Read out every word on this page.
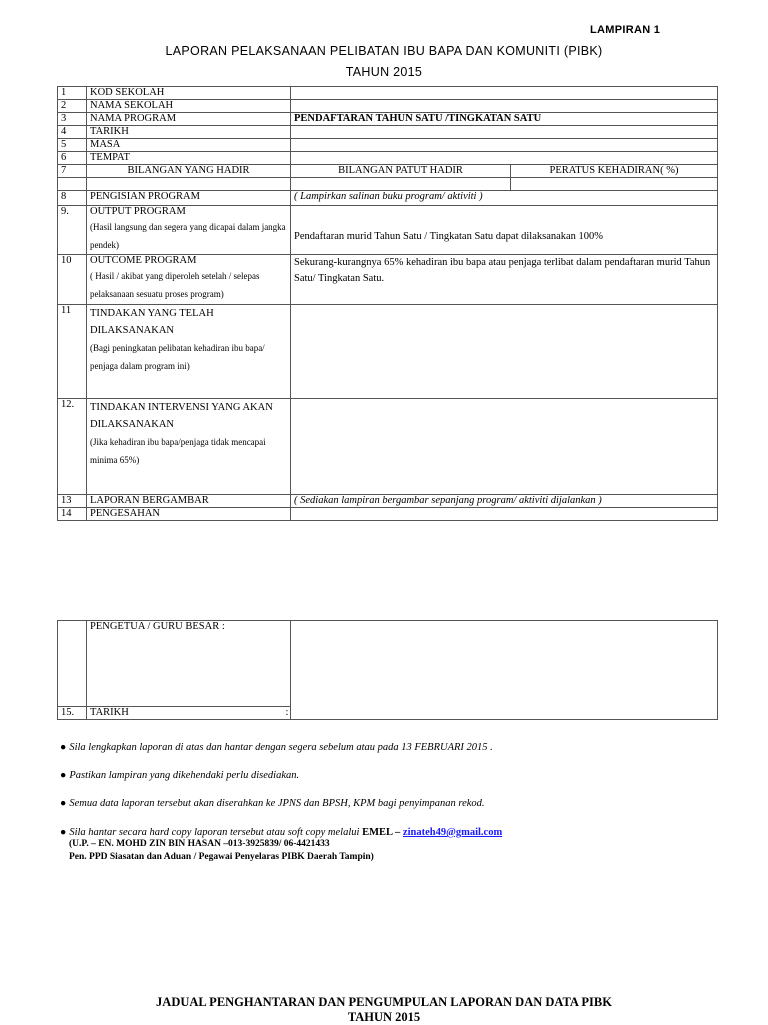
LAMPIRAN 1
LAPORAN PELAKSANAAN PELIBATAN IBU BAPA DAN KOMUNITI (PIBK)
TAHUN 2015
1	KOD SEKOLAH		
2	NAMA SEKOLAH		
3	NAMA PROGRAM	PENDAFTARAN TAHUN SATU /TINGKATAN SATU	
4	TARIKH		
5	MASA		
6	TEMPAT		
7	BILANGAN YANG HADIR	BILANGAN PATUT HADIR	PERATUS KEHADIRAN( %)

8	PENGISIAN PROGRAM	( Lampirkan salinan buku program/ aktiviti )	
9.	OUTPUT PROGRAM
(Hasil langsung dan segera yang dicapai dalam jangka pendek)	Pendaftaran murid Tahun Satu / Tingkatan Satu dapat dilaksanakan 100%	
10	OUTCOME PROGRAM
( Hasil / akibat yang diperoleh setelah / selepas pelaksanaan sesuatu proses program)	Sekurang-kurangnya 65% kehadiran ibu bapa atau penjaga terlibat dalam pendaftaran murid Tahun Satu/ Tingkatan Satu.	
11	TINDAKAN YANG TELAH DILAKSANAKAN
(Bagi peningkatan pelibatan kehadiran ibu bapa/ penjaga dalam program ini)		

12.	TINDAKAN INTERVENSI YANG AKAN DILAKSANAKAN
(Jika kehadiran ibu bapa/penjaga tidak mencapai minima 65%)		

13	LAPORAN BERGAMBAR	( Sediakan lampiran bergambar sepanjang program/ aktiviti dijalankan )	
14	PENGESAHAN		
	PENGETUA / GURU BESAR :	
15.	TARIKH :	
● Sila lengkapkan laporan di atas dan hantar dengan segera sebelum atau pada 13 FEBRUARI 2015 .
● Pastikan lampiran yang dikehendaki perlu disediakan.
● Semua data laporan tersebut akan diserahkan ke JPNS dan BPSH, KPM bagi penyimpanan rekod.
● Sila hantar secara hard copy laporan tersebut atau soft copy melalui EMEL – zinateh49@gmail.com
(U.P. – EN. MOHD ZIN BIN HASAN –013-3925839/ 06-4421433
Pen. PPD Siasatan dan Aduan / Pegawai Penyelaras PIBK Daerah Tampin)
JADUAL PENGHANTARAN DAN PENGUMPULAN LAPORAN DAN DATA PIBK
TAHUN 2015
